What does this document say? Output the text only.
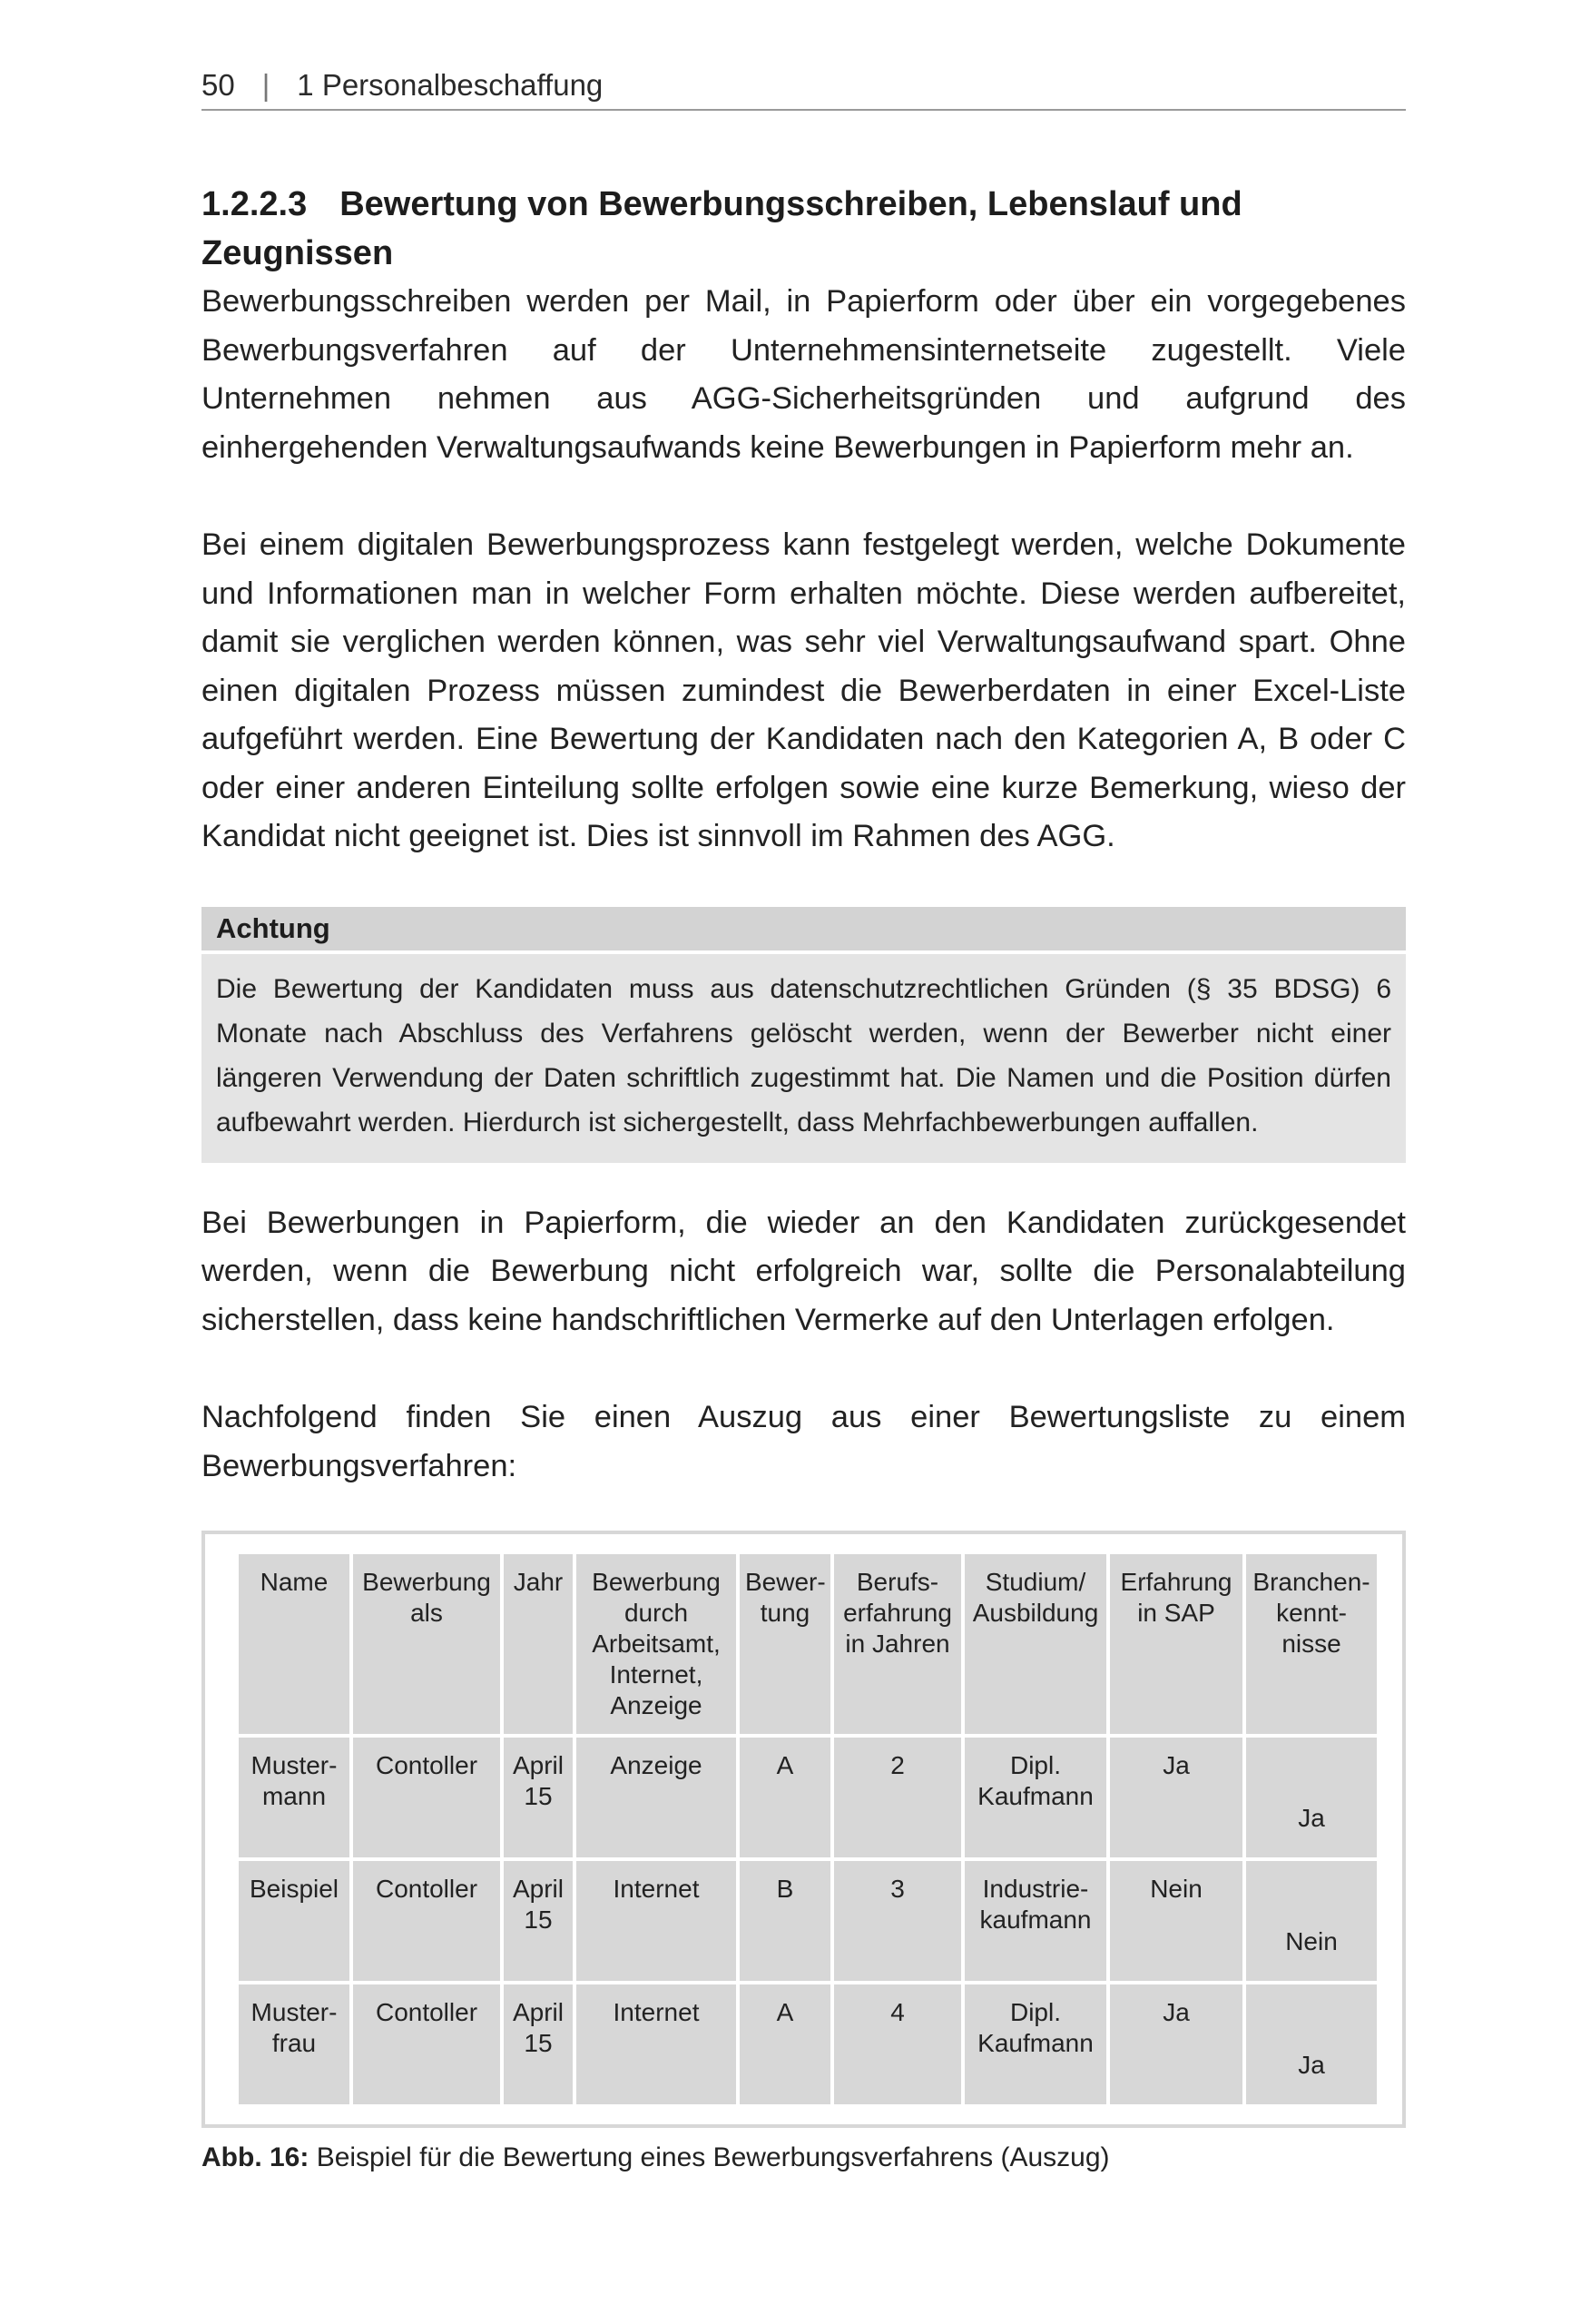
50 | 1 Personalbeschaffung
1.2.2.3 Bewertung von Bewerbungsschreiben, Lebenslauf und Zeugnissen

Bewerbungsschreiben werden per Mail, in Papierform oder über ein vorgegebenes Bewerbungsverfahren auf der Unternehmensinternetseite zugestellt. Viele Unternehmen nehmen aus AGG-Sicherheitsgründen und aufgrund des einhergehenden Verwaltungsaufwands keine Bewerbungen in Papierform mehr an.

Bei einem digitalen Bewerbungsprozess kann festgelegt werden, welche Dokumente und Informationen man in welcher Form erhalten möchte. Diese werden aufbereitet, damit sie verglichen werden können, was sehr viel Verwaltungsaufwand spart. Ohne einen digitalen Prozess müssen zumindest die Bewerberdaten in einer Excel-Liste aufgeführt werden. Eine Bewertung der Kandidaten nach den Kategorien A, B oder C oder einer anderen Einteilung sollte erfolgen sowie eine kurze Bemerkung, wieso der Kandidat nicht geeignet ist. Dies ist sinnvoll im Rahmen des AGG.

Achtung
Die Bewertung der Kandidaten muss aus datenschutzrechtlichen Gründen (§ 35 BDSG) 6 Monate nach Abschluss des Verfahrens gelöscht werden, wenn der Bewerber nicht einer längeren Verwendung der Daten schriftlich zugestimmt hat. Die Namen und die Position dürfen aufbewahrt werden. Hierdurch ist sichergestellt, dass Mehrfachbewerbungen auffallen.

Bei Bewerbungen in Papierform, die wieder an den Kandidaten zurückgesendet werden, wenn die Bewerbung nicht erfolgreich war, sollte die Personalabteilung sicherstellen, dass keine handschriftlichen Vermerke auf den Unterlagen erfolgen.

Nachfolgend finden Sie einen Auszug aus einer Bewertungsliste zu einem Bewerbungsverfahren:

Name	Bewerbung als	Jahr	Bewerbung durch Arbeitsamt, Internet, Anzeige	Bewer-tung	Berufs-erfahrung in Jahren	Studium/ Ausbildung	Erfahrung in SAP	Branchen-kennt-nisse
Muster-mann	Contoller	April 15	Anzeige	A	2	Dipl. Kaufmann	Ja	Ja
Beispiel	Contoller	April 15	Internet	B	3	Industrie-kaufmann	Nein	Nein
Muster-frau	Contoller	April 15	Internet	A	4	Dipl. Kaufmann	Ja	Ja
Abb. 16: Beispiel für die Bewertung eines Bewerbungsverfahrens (Auszug)
